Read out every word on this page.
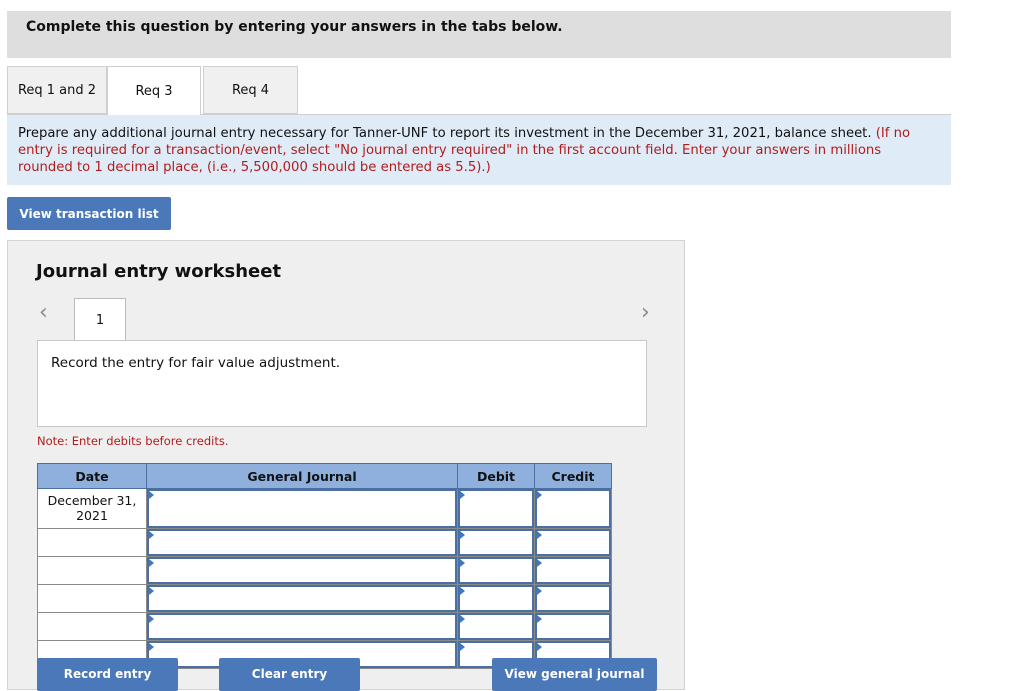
Complete this question by entering your answers in the tabs below.
Req 1 and 2	Req 3	Req 4
Prepare any additional journal entry necessary for Tanner-UNF to report its investment in the December 31, 2021, balance sheet. (If no entry is required for a transaction/event, select "No journal entry required" in the first account field. Enter your answers in millions rounded to 1 decimal place, (i.e., 5,500,000 should be entered as 5.5).)
View transaction list
Journal entry worksheet
‹	›
1
Record the entry for fair value adjustment.
Note: Enter debits before credits.
Date	General Journal	Debit	Credit
December 31, 2021	

Record entry	Clear entry	View general journal
